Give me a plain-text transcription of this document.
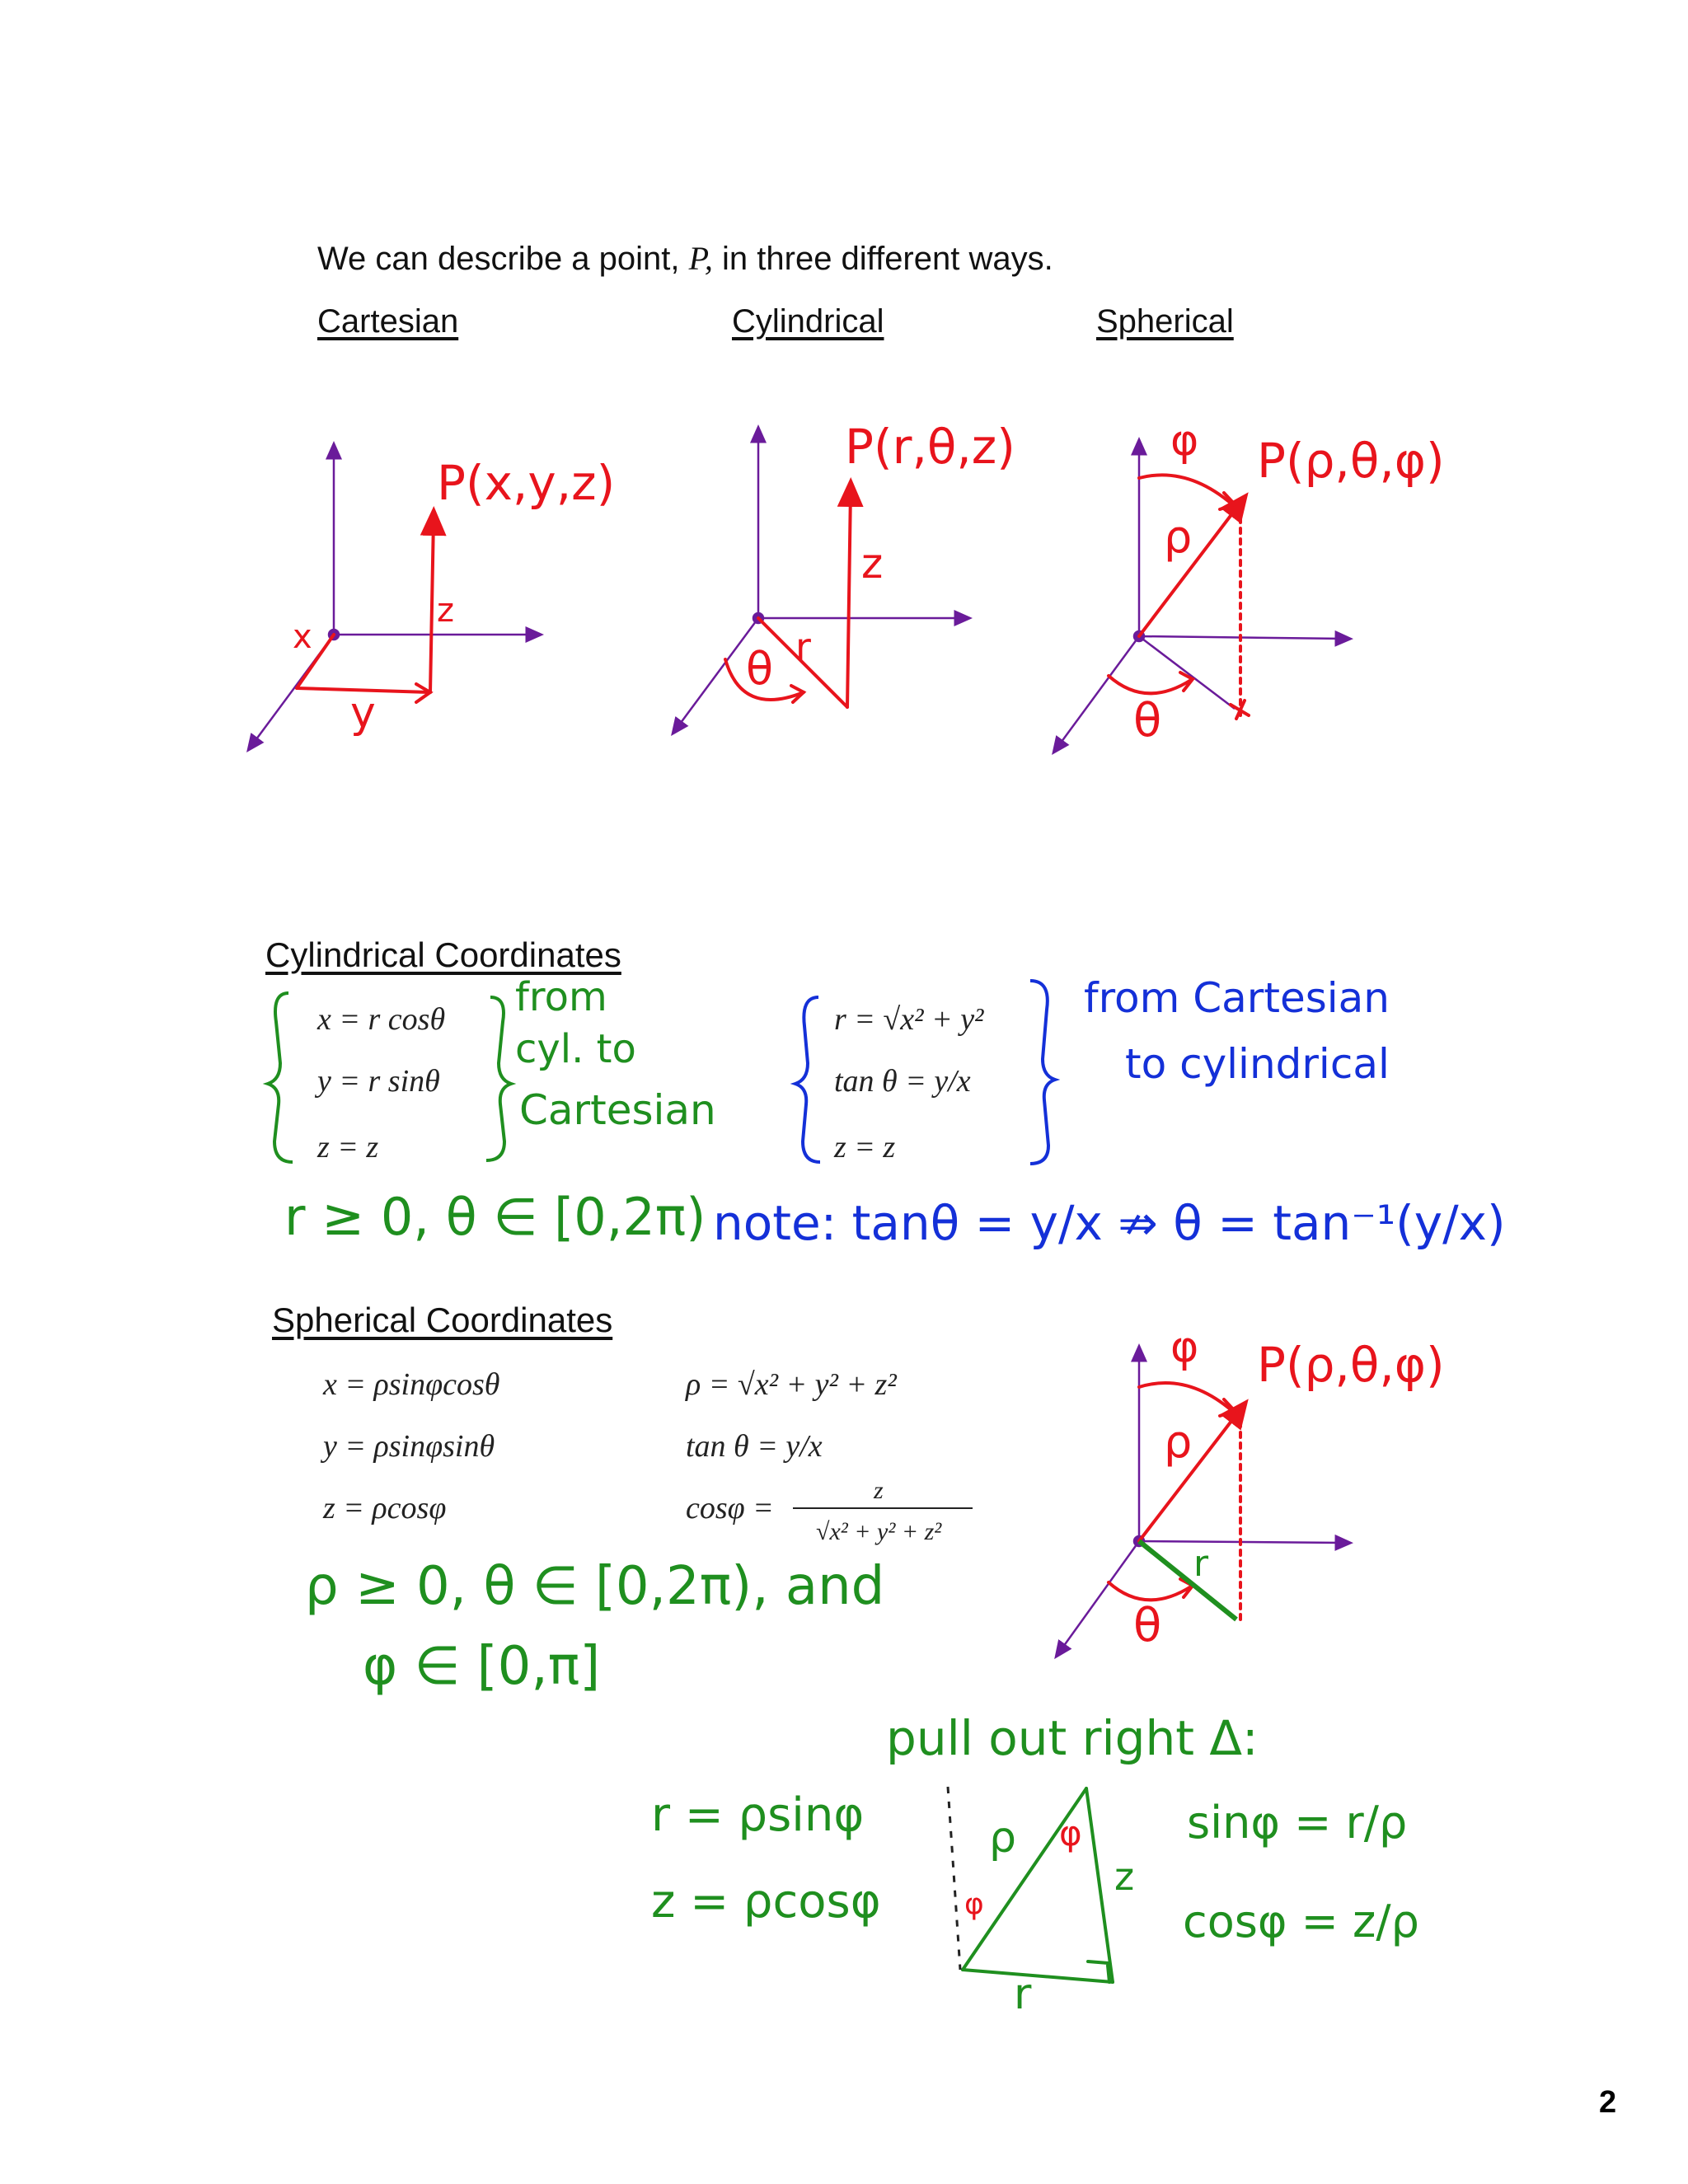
We can describe a point, P, in three different ways.
Cartesian	Cylindrical	Spherical
P(x,y,z)
x
y
z
P(r,θ,z)
z
θ r
P(ρ,θ,φ)
φ
ρ
θ
Cylindrical Coordinates
x = r cosθ
y = r sinθ
z = z
from
cyl. to
Cartesian
r = √x² + y²
tan θ = y/x
z = z
from Cartesian
to cylindrical
r ≥ 0, θ ∈ [0,2π) note: tanθ = y/x ⇏ θ = tan⁻¹(y/x)
Spherical Coordinates
x = ρsinφcosθ
y = ρsinφsinθ
z = ρcosφ
ρ = √x² + y² + z²
tan θ = y/x
cosφ =
z
√x² + y² + z²
ρ ≥ 0, θ ∈ [0,2π), and
φ ∈ [0,π]
P(ρ,θ,φ)
φ
ρ
θ
r
pull out right Δ:
r = ρsinφ
z = ρcosφ
sinφ = r/ρ
cosφ = z/ρ
ρ φ
φ
z
r
2
